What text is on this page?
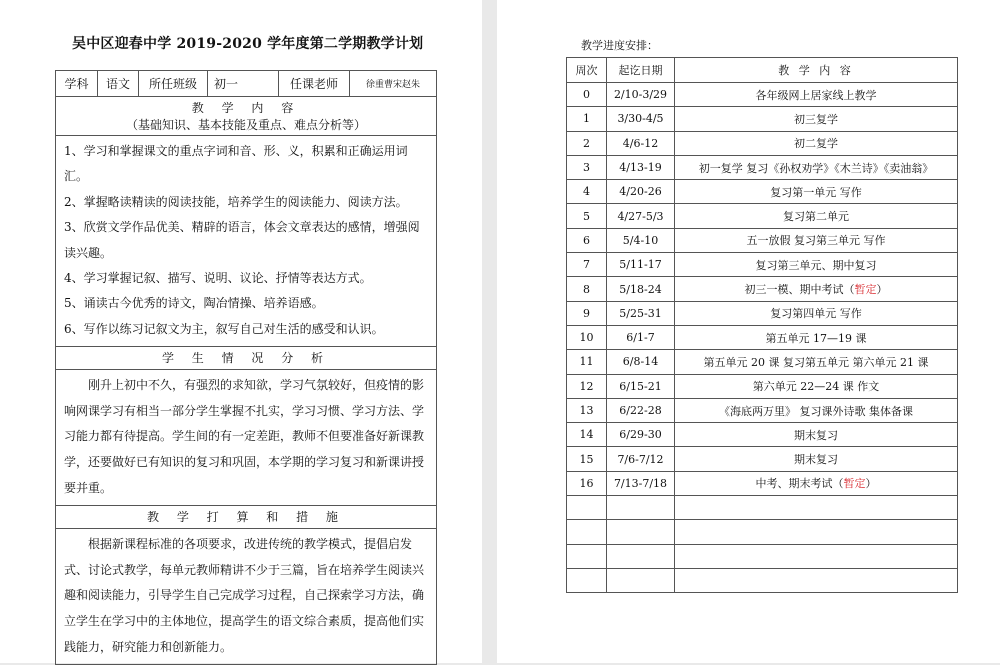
吴中区迎春中学 2019-2020 学年度第二学期教学计划
学科	语文	所任班级	初一	任课老师	徐重曹宋赵朱

教 学 内 容
（基础知识、基本技能及重点、难点分析等）

1、学习和掌握课文的重点字词和音、形、义，积累和正确运用词汇。

2、掌握略读精读的阅读技能，培养学生的阅读能力、阅读方法。

3、欣赏文学作品优美、精辟的语言，体会文章表达的感情，增强阅读兴趣。

4、学习掌握记叙、描写、说明、议论、抒情等表达方式。

5、诵读古今优秀的诗文，陶冶情操、培养语感。

6、写作以练习记叙文为主，叙写自己对生活的感受和认识。

学 生 情 况 分 析

刚升上初中不久，有强烈的求知欲，学习气氛较好，但疫情的影响网课学习有相当一部分学生掌握不扎实，学习习惯、学习方法、学习能力都有待提高。学生间的有一定差距，教师不但要准备好新课教学，还要做好已有知识的复习和巩固，本学期的学习复习和新课讲授要并重。

教 学 打 算 和 措 施

根据新课程标准的各项要求，改进传统的教学模式，提倡启发式、讨论式教学，每单元教师精讲不少于三篇，旨在培养学生阅读兴趣和阅读能力，引导学生自己完成学习过程，自己探索学习方法，确立学生在学习中的主体地位，提高学生的语文综合素质，提高他们实践能力，研究能力和创新能力。

教学进度安排：
周次	起讫日期	教 学 内 容
0	2/10-3/29	各年级网上居家线上教学
1	3/30-4/5	初三复学
2	4/6-12	初二复学
3	4/13-19	初一复学 复习《孙权劝学》《木兰诗》《卖油翁》
4	4/20-26	复习第一单元 写作
5	4/27-5/3	复习第二单元
6	5/4-10	五一放假 复习第三单元 写作
7	5/11-17	复习第三单元、期中复习
8	5/18-24	初三一模、期中考试（暂定）
9	5/25-31	复习第四单元 写作
10	6/1-7	第五单元 17—19 课
11	6/8-14	第五单元 20 课 复习第五单元 第六单元 21 课
12	6/15-21	第六单元 22—24 课 作文
13	6/22-28	《海底两万里》 复习课外诗歌 集体备课
14	6/29-30	期末复习
15	7/6-7/12	期末复习
16	7/13-7/18	中考、期末考试（暂定）
